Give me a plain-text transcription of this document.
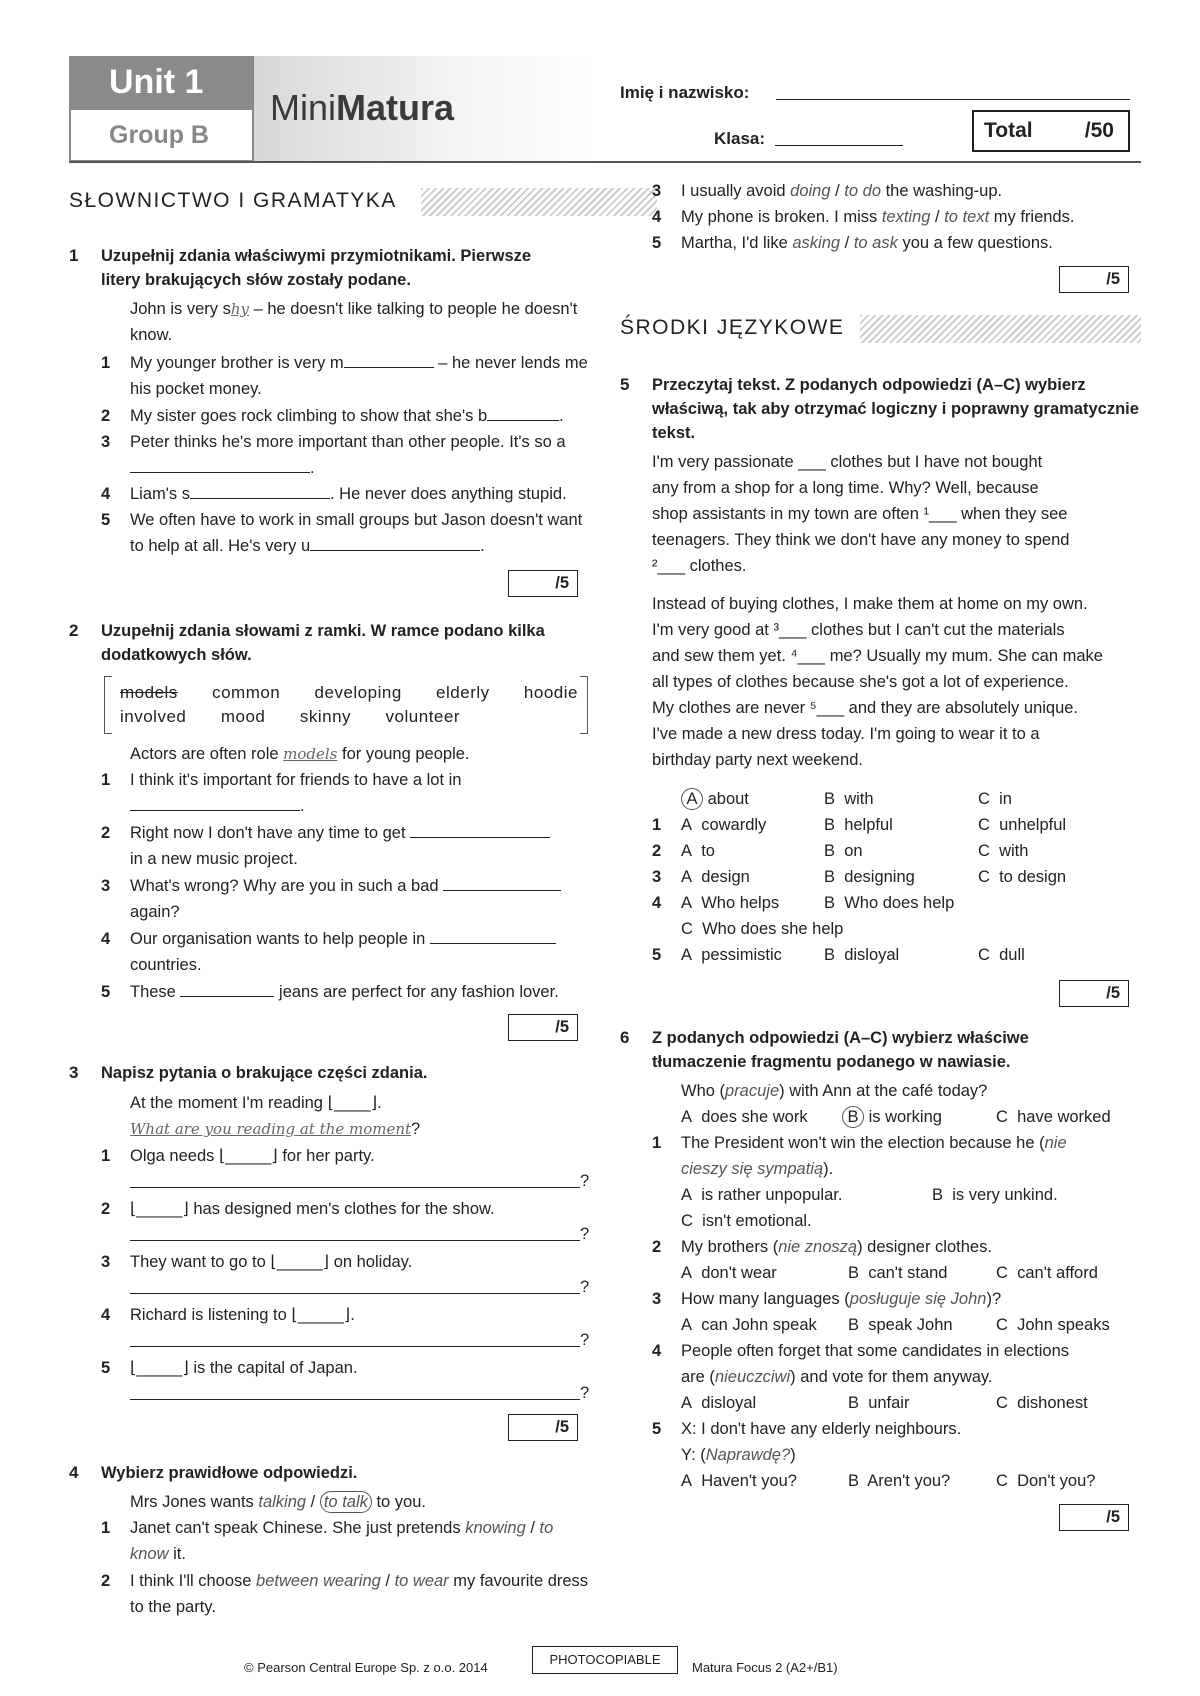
Unit 1
Group B
MiniMatura	Imię i nazwisko:
Klasa:	Total /50
SŁOWNICTWO I GRAMATYKA
1 Uzupełnij zdania właściwymi przymiotnikami. Pierwsze litery brakujących słów zostały podane.
John is very shy – he doesn't like talking to people he doesn't know.
1 My younger brother is very m	– he never lends me his pocket money.
2 My sister goes rock climbing to show that she's b	.
3 Peter thinks he's more important than other people. It's so a.
4 Liam's s	. He never does anything stupid.
5 We often have to work in small groups but Jason doesn't want to help at all. He's very u	.
/5
2 Uzupełnij zdania słowami z ramki. W ramce podano kilka dodatkowych słów.
models common developing elderly hoodie
involved mood skinny volunteer
Actors are often role models for young people.
1 I think it's important for friends to have a lot in
.
2 Right now I don't have any time to get
in a new music project.
3 What's wrong? Why are you in such a bad
again?
4 Our organisation wants to help people in
countries.
5 These	jeans are perfect for any fashion lover.
/5
3 Napisz pytania o brakujące części zdania.
At the moment I'm reading ⌊____⌋.
What are you reading at the moment?
1 Olga needs ⌊_____⌋ for her party.
?
2 ⌊_____⌋ has designed men's clothes for the show.
?
3 They want to go to ⌊_____⌋ on holiday.
?
4 Richard is listening to ⌊_____⌋.
?
5 ⌊_____⌋ is the capital of Japan.
?
/5
4 Wybierz prawidłowe odpowiedzi.
Mrs Jones wants talking / to talk to you.
1 Janet can't speak Chinese. She just pretends knowing / to know it.
2 I think I'll choose between wearing / to wear my favourite dress to the party.
3 I usually avoid doing / to do the washing-up.
4 My phone is broken. I miss texting / to text my friends.
5 Martha, I'd like asking / to ask you a few questions.
/5
ŚRODKI JĘZYKOWE
5 Przeczytaj tekst. Z podanych odpowiedzi (A–C) wybierz właściwą, tak aby otrzymać logiczny i poprawny gramatycznie tekst.
I'm very passionate ___ clothes but I have not bought
any from a shop for a long time. Why? Well, because
shop assistants in my town are often ¹___ when they see
teenagers. They think we don't have any money to spend
²___ clothes.
Instead of buying clothes, I make them at home on my own.
I'm very good at ³___ clothes but I can't cut the materials
and sew them yet. ⁴___ me? Usually my mum. She can make
all types of clothes because she's got a lot of experience.
My clothes are never ⁵___ and they are absolutely unique.
I've made a new dress today. I'm going to wear it to a
birthday party next weekend.
A about	B with	C in
1 A cowardly	B helpful	C unhelpful
2 A to	B on	C with
3 A design	B designing	C to design
4 A Who helps	B Who does help
C Who does she help
5 A pessimistic	B disloyal	C dull
/5
6 Z podanych odpowiedzi (A–C) wybierz właściwe tłumaczenie fragmentu podanego w nawiasie.
Who (pracuje) with Ann at the café today?
A does she work	B is working	C have worked
1 The President won't win the election because he (nie
cieszy się sympatią).
A is rather unpopular.	B is very unkind.
C isn't emotional.
2 My brothers (nie znoszą) designer clothes.
A don't wear	B can't stand	C can't afford
3 How many languages (posługuje się John)?
A can John speak B speak John	C John speaks
4 People often forget that some candidates in elections
are (nieuczciwi) and vote for them anyway.
A disloyal	B unfair	C dishonest
5 X: I don't have any elderly neighbours.
Y: (Naprawdę?)
A Haven't you?	B Aren't you?	C Don't you?
/5
© Pearson Central Europe Sp. z o.o. 2014
PHOTOCOPIABLE
Matura Focus 2 (A2+/B1)
